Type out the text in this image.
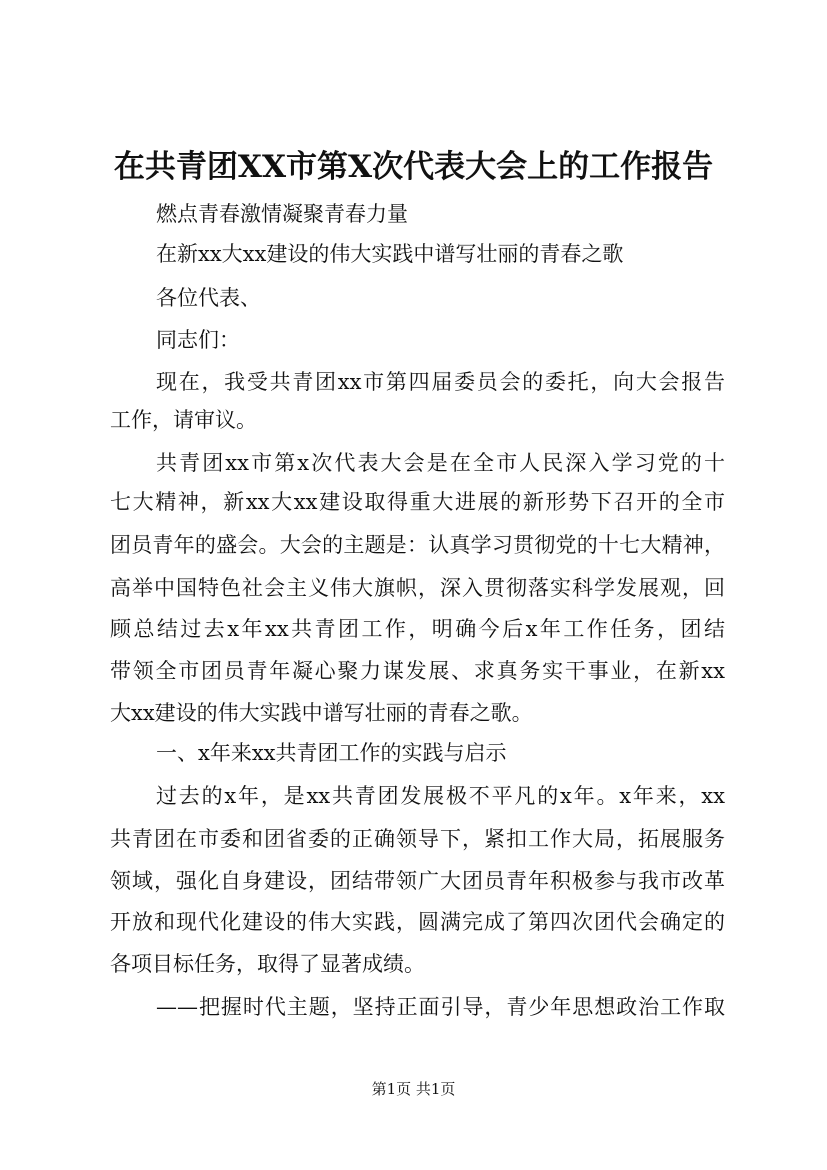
在共青团XX市第X次代表大会上的工作报告
燃点青春激情凝聚青春力量
在新xx大xx建设的伟大实践中谱写壮丽的青春之歌
各位代表、
同志们：
现在，我受共青团xx市第四届委员会的委托，向大会报告
工作，请审议。
共青团xx市第x次代表大会是在全市人民深入学习党的十
七大精神，新xx大xx建设取得重大进展的新形势下召开的全市
团员青年的盛会。大会的主题是：认真学习贯彻党的十七大精神，
高举中国特色社会主义伟大旗帜，深入贯彻落实科学发展观，回
顾总结过去x年xx共青团工作，明确今后x年工作任务，团结
带领全市团员青年凝心聚力谋发展、求真务实干事业，在新xx
大xx建设的伟大实践中谱写壮丽的青春之歌。
一、x年来xx共青团工作的实践与启示
过去的x年，是xx共青团发展极不平凡的x年。x年来，xx
共青团在市委和团省委的正确领导下，紧扣工作大局，拓展服务
领域，强化自身建设，团结带领广大团员青年积极参与我市改革
开放和现代化建设的伟大实践，圆满完成了第四次团代会确定的
各项目标任务，取得了显著成绩。
——把握时代主题，坚持正面引导，青少年思想政治工作取
第1页 共1页
